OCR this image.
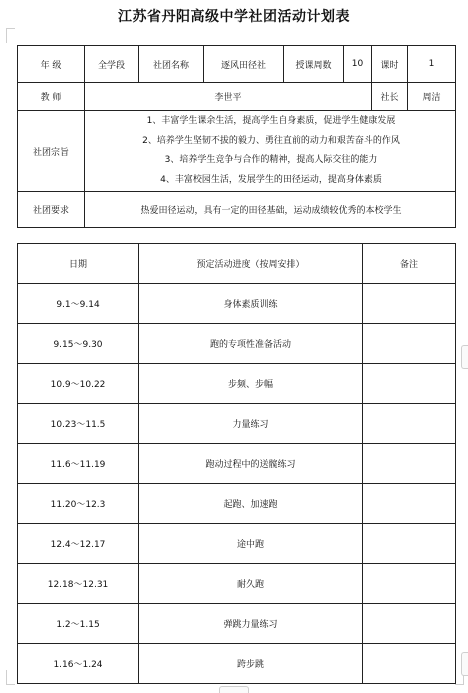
江苏省丹阳高级中学社团活动计划表
年 级	全学段	社团名称	逐风田径社	授课周数	10	课时	1
教 师	李世平					社长	周洁
社团宗旨	1、丰富学生课余生活，提高学生自身素质，促进学生健康发展
2、培养学生坚韧不拔的毅力、勇往直前的动力和艰苦奋斗的作风
3、培养学生竞争与合作的精神，提高人际交往的能力
4、丰富校园生活，发展学生的田径运动，提高身体素质						

社团要求	热爱田径运动，具有一定的田径基础，运动成绩较优秀的本校学生						
日期	预定活动进度（按周安排）	备注
9.1～9.14	身体素质训练	
9.15～9.30	跑的专项性准备活动	
10.9～10.22	步频、步幅	
10.23～11.5	力量练习	
11.6～11.19	跑动过程中的送髋练习	
11.20～12.3	起跑、加速跑	
12.4～12.17	途中跑	
12.18～12.31	耐久跑	
1.2～1.15	弹跳力量练习	
1.16～1.24	跨步跳	
